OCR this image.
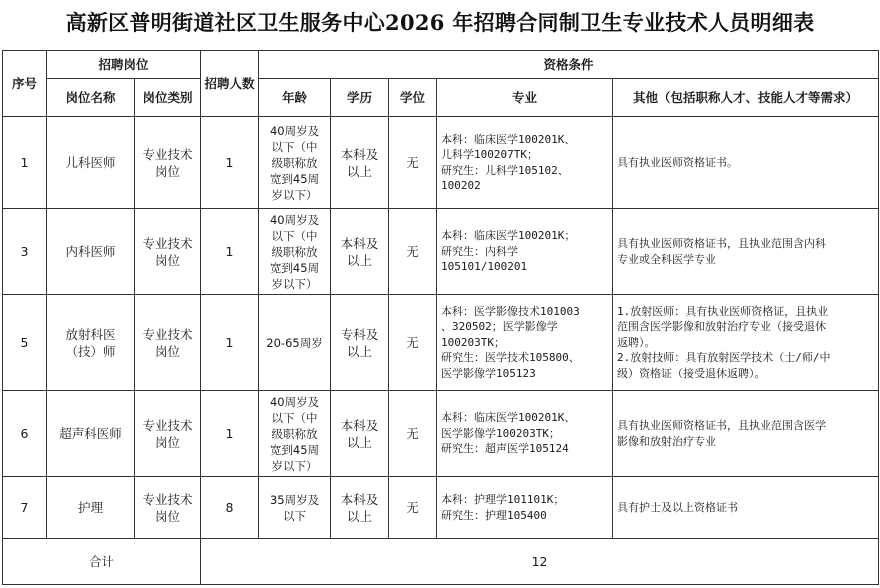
高新区普明街道社区卫生服务中心2026 年招聘合同制卫生专业技术人员明细表
序号	招聘岗位		招聘人数	资格条件				
	岗位名称	岗位类别		年龄	学历	学位	专业	其他（包括职称人才、技能人才等需求）
1	儿科医师	专业技术
岗位	1	40周岁及
以下（中
级职称放
宽到45周
岁以下）	本科及
以上	无	本科：临床医学100201K、
儿科学100207TK；
研究生：儿科学105102、
100202	具有执业医师资格证书。
3	内科医师	专业技术
岗位	1	40周岁及
以下（中
级职称放
宽到45周
岁以下）	本科及
以上	无	本科：临床医学100201K；
研究生：内科学
105101/100201	具有执业医师资格证书，且执业范围含内科
专业或全科医学专业
5	放射科医
（技）师	专业技术
岗位	1	20-65周岁	专科及
以上	无	本科：医学影像技术101003
、320502；医学影像学
100203TK；
研究生：医学技术105800、
医学影像学105123	1.放射医师：具有执业医师资格证，且执业
范围含医学影像和放射治疗专业（接受退休
返聘）。
2.放射技师：具有放射医学技术（士/师/中
级）资格证（接受退休返聘）。
6	超声科医师	专业技术
岗位	1	40周岁及
以下（中
级职称放
宽到45周
岁以下）	本科及
以上	无	本科：临床医学100201K、
医学影像学100203TK；
研究生：超声医学105124	具有执业医师资格证书，且执业范围含医学
影像和放射治疗专业
7	护理	专业技术
岗位	8	35周岁及
以下	本科及
以上	无	本科：护理学101101K；
研究生：护理105400	具有护士及以上资格证书
合计			12					
